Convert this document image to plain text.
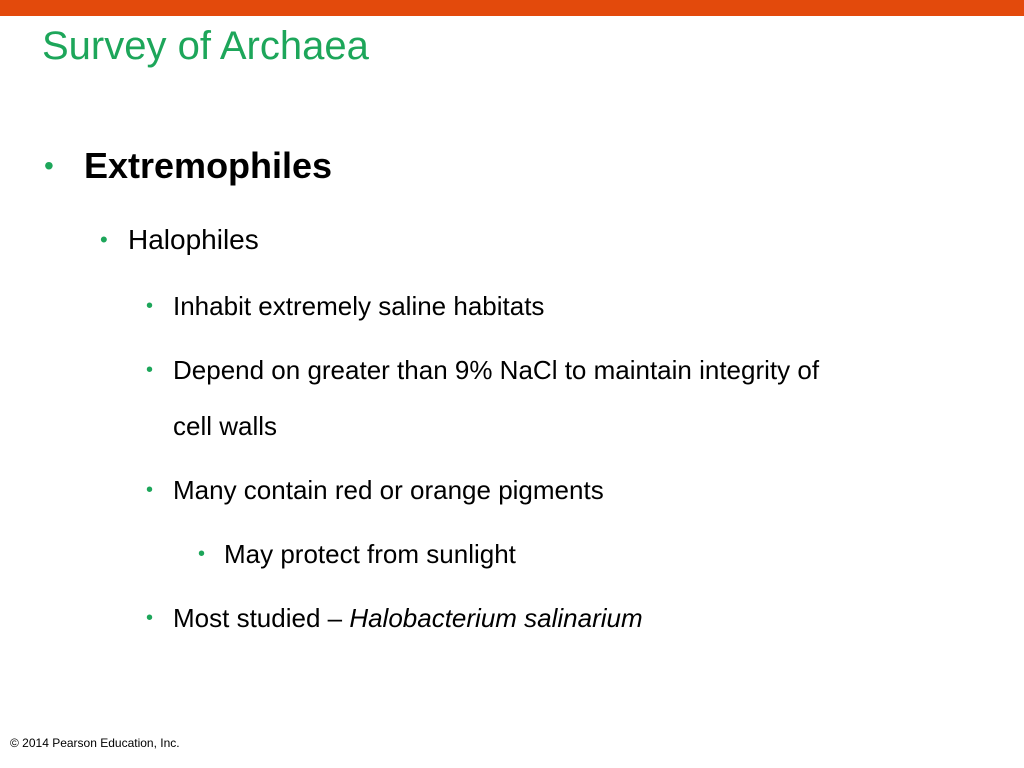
Survey of Archaea
• Extremophiles
• Halophiles
• Inhabit extremely saline habitats
• Depend on greater than 9% NaCl to maintain integrity of
cell walls
• Many contain red or orange pigments
• May protect from sunlight
• Most studied – Halobacterium salinarium
© 2014 Pearson Education, Inc.
